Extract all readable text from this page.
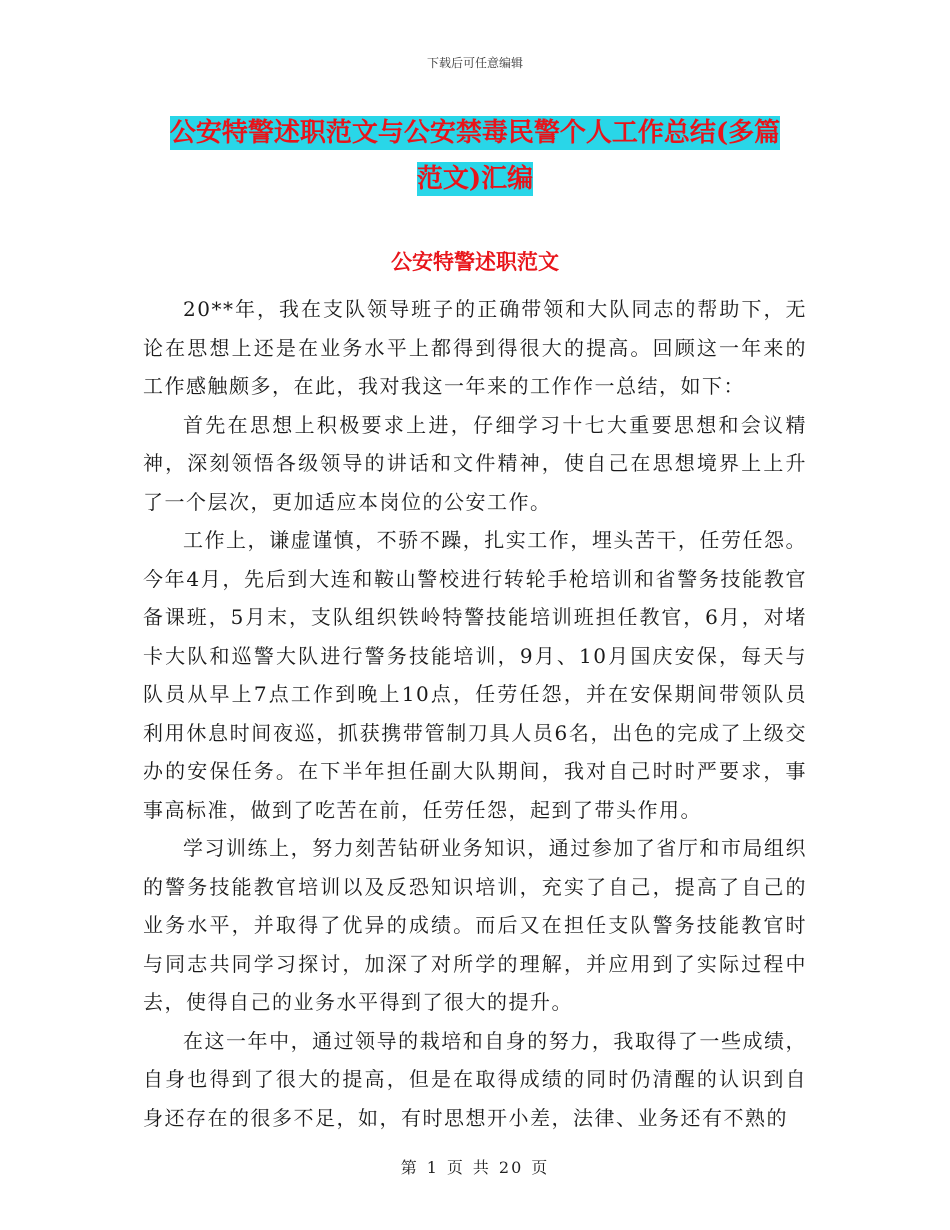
下载后可任意编辑
公安特警述职范文与公安禁毒民警个人工作总结(多篇
范文)汇编
公安特警述职范文

20**年，我在支队领导班子的正确带领和大队同志的帮助下，无论在思想上还是在业务水平上都得到得很大的提高。回顾这一年来的工作感触颇多，在此，我对我这一年来的工作作一总结，如下：

首先在思想上积极要求上进，仔细学习十七大重要思想和会议精神，深刻领悟各级领导的讲话和文件精神，使自己在思想境界上上升了一个层次，更加适应本岗位的公安工作。

工作上，谦虚谨慎，不骄不躁，扎实工作，埋头苦干，任劳任怨。今年4月，先后到大连和鞍山警校进行转轮手枪培训和省警务技能教官备课班，5月末，支队组织铁岭特警技能培训班担任教官，6月，对堵卡大队和巡警大队进行警务技能培训，9月、10月国庆安保，每天与队员从早上7点工作到晚上10点，任劳任怨，并在安保期间带领队员利用休息时间夜巡，抓获携带管制刀具人员6名，出色的完成了上级交办的安保任务。在下半年担任副大队期间，我对自己时时严要求，事事高标准，做到了吃苦在前，任劳任怨，起到了带头作用。

学习训练上，努力刻苦钻研业务知识，通过参加了省厅和市局组织的警务技能教官培训以及反恐知识培训，充实了自己，提高了自己的业务水平，并取得了优异的成绩。而后又在担任支队警务技能教官时与同志共同学习探讨，加深了对所学的理解，并应用到了实际过程中去，使得自己的业务水平得到了很大的提升。

在这一年中，通过领导的栽培和自身的努力，我取得了一些成绩，自身也得到了很大的提高，但是在取得成绩的同时仍清醒的认识到自身还存在的很多不足，如，有时思想开小差，法律、业务还有不熟的

第 1 页 共 20 页
